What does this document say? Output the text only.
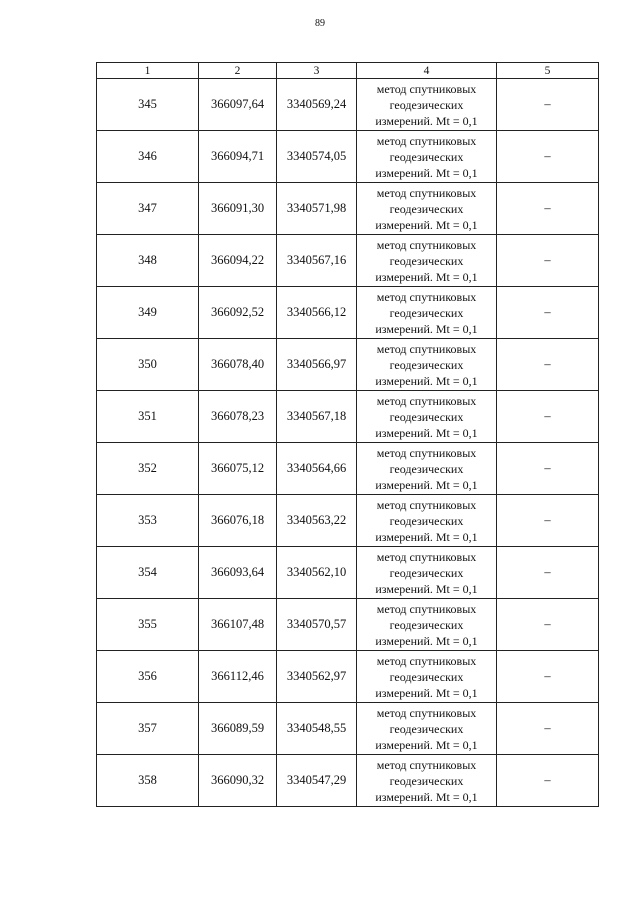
89
1	2	3	4	5
345	366097,64	3340569,24	метод спутниковых
геодезических
измерений. Mt = 0,1	–
346	366094,71	3340574,05	метод спутниковых
геодезических
измерений. Mt = 0,1	–
347	366091,30	3340571,98	метод спутниковых
геодезических
измерений. Mt = 0,1	–
348	366094,22	3340567,16	метод спутниковых
геодезических
измерений. Mt = 0,1	–
349	366092,52	3340566,12	метод спутниковых
геодезических
измерений. Mt = 0,1	–
350	366078,40	3340566,97	метод спутниковых
геодезических
измерений. Mt = 0,1	–
351	366078,23	3340567,18	метод спутниковых
геодезических
измерений. Mt = 0,1	–
352	366075,12	3340564,66	метод спутниковых
геодезических
измерений. Mt = 0,1	–
353	366076,18	3340563,22	метод спутниковых
геодезических
измерений. Mt = 0,1	–
354	366093,64	3340562,10	метод спутниковых
геодезических
измерений. Mt = 0,1	–
355	366107,48	3340570,57	метод спутниковых
геодезических
измерений. Mt = 0,1	–
356	366112,46	3340562,97	метод спутниковых
геодезических
измерений. Mt = 0,1	–
357	366089,59	3340548,55	метод спутниковых
геодезических
измерений. Mt = 0,1	–
358	366090,32	3340547,29	метод спутниковых
геодезических
измерений. Mt = 0,1	–
